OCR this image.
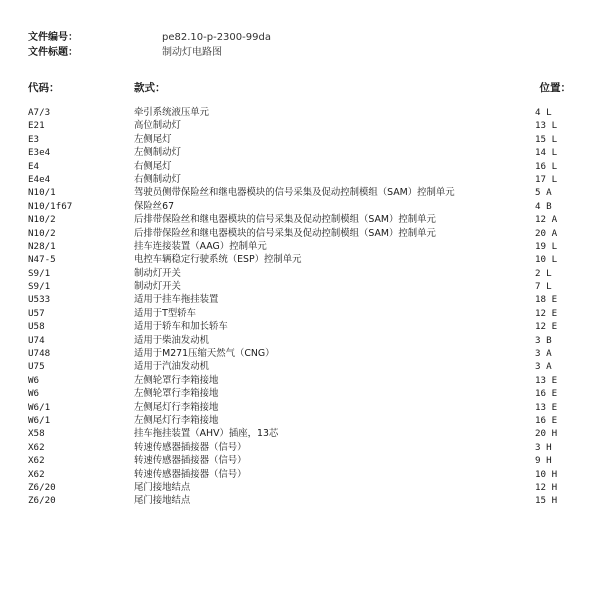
文件编号：	pe82.10-p-2300-99da
文件标题：	制动灯电路图
代码：	款式：	位置：
A7/3	牵引系统液压单元	4 L
E21	高位制动灯	13 L
E3	左侧尾灯	15 L
E3e4	左侧制动灯	14 L
E4	右侧尾灯	16 L
E4e4	右侧制动灯	17 L
N10/1	驾驶员侧带保险丝和继电器模块的信号采集及促动控制模组（SAM）控制单元	5 A
N10/1f67	保险丝67	4 B
N10/2	后排带保险丝和继电器模块的信号采集及促动控制模组（SAM）控制单元	12 A
N10/2	后排带保险丝和继电器模块的信号采集及促动控制模组（SAM）控制单元	20 A
N28/1	挂车连接装置（AAG）控制单元	19 L
N47-5	电控车辆稳定行驶系统（ESP）控制单元	10 L
S9/1	制动灯开关	2 L
S9/1	制动灯开关	7 L
U533	适用于挂车拖挂装置	18 E
U57	适用于T型轿车	12 E
U58	适用于轿车和加长轿车	12 E
U74	适用于柴油发动机	3 B
U748	适用于M271压缩天然气（CNG）	3 A
U75	适用于汽油发动机	3 A
W6	左侧轮罩行李箱接地	13 E
W6	左侧轮罩行李箱接地	16 E
W6/1	左侧尾灯行李箱接地	13 E
W6/1	左侧尾灯行李箱接地	16 E
X58	挂车拖挂装置（AHV）插座，13芯	20 H
X62	转速传感器插接器（信号）	3 H
X62	转速传感器插接器（信号）	9 H
X62	转速传感器插接器（信号）	10 H
Z6/20	尾门接地结点	12 H
Z6/20	尾门接地结点	15 H
